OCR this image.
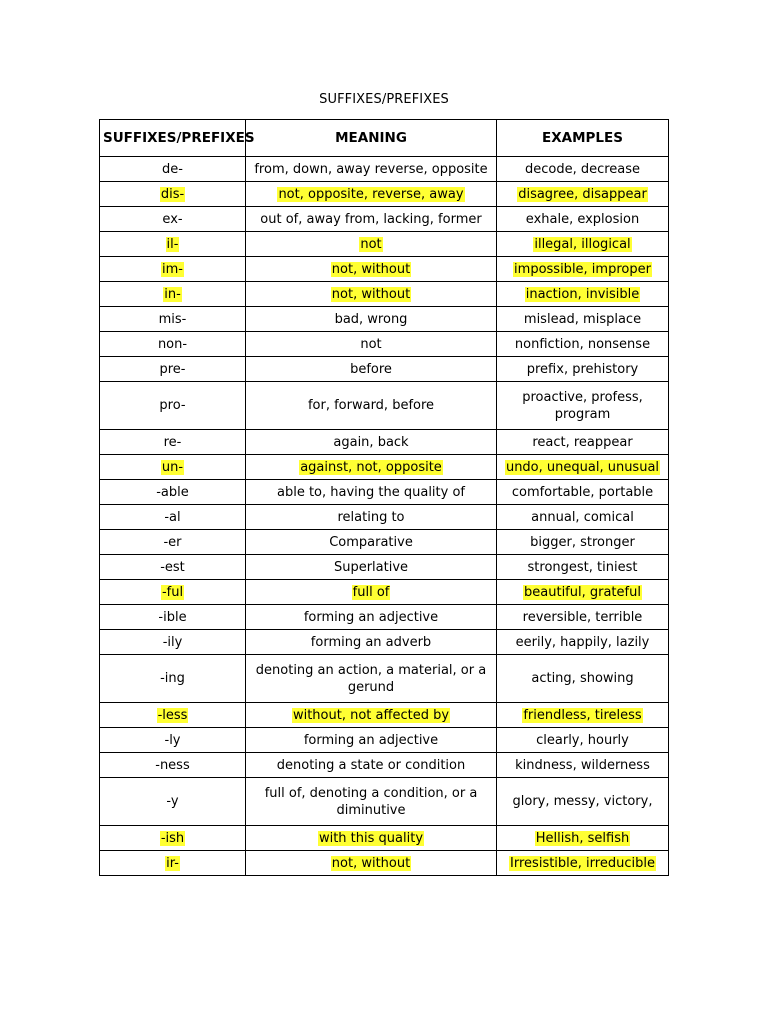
SUFFIXES/PREFIXES
SUFFIXES/PREFIXES	MEANING	EXAMPLES
de-	from, down, away reverse, opposite	decode, decrease
dis-	not, opposite, reverse, away	disagree, disappear
ex-	out of, away from, lacking, former	exhale, explosion
il-	not	illegal, illogical
im-	not, without	impossible, improper
in-	not, without	inaction, invisible
mis-	bad, wrong	mislead, misplace
non-	not	nonfiction, nonsense
pre-	before	prefix, prehistory
pro-	for, forward, before	proactive, profess, program
re-	again, back	react, reappear
un-	against, not, opposite	undo, unequal, unusual
-able	able to, having the quality of	comfortable, portable
-al	relating to	annual, comical
-er	Comparative	bigger, stronger
-est	Superlative	strongest, tiniest
-ful	full of	beautiful, grateful
-ible	forming an adjective	reversible, terrible
-ily	forming an adverb	eerily, happily, lazily
-ing	denoting an action, a material, or a gerund	acting, showing
-less	without, not affected by	friendless, tireless
-ly	forming an adjective	clearly, hourly
-ness	denoting a state or condition	kindness, wilderness
-y	full of, denoting a condition, or a diminutive	glory, messy, victory,
-ish	with this quality	Hellish, selfish
ir-	not, without	Irresistible, irreducible
